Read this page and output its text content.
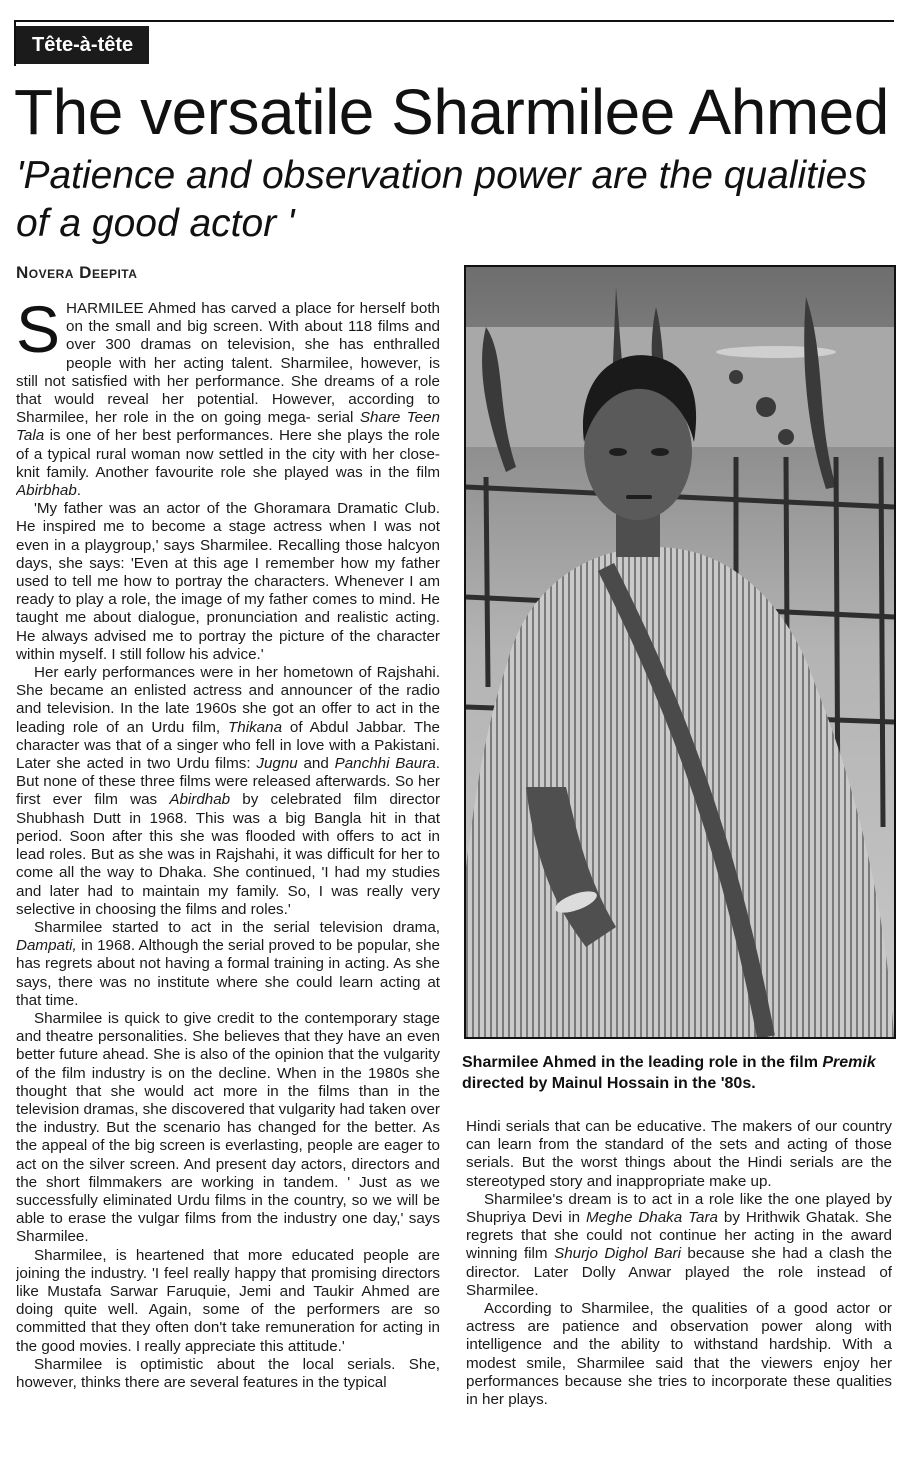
Tête-à-tête
The versatile Sharmilee Ahmed
'Patience and observation power are the qualities of a good actor '
Novera Deepita

SHARMILEE Ahmed has carved a place for herself both on the small and big screen. With about 118 films and over 300 dramas on television, she has enthralled people with her acting talent. Sharmilee, however, is still not satisfied with her performance. She dreams of a role that would reveal her potential. However, according to Sharmilee, her role in the on going mega- serial Share Teen Tala is one of her best performances. Here she plays the role of a typical rural woman now settled in the city with her close-knit family. Another favourite role she played was in the film Abirbhab.

'My father was an actor of the Ghoramara Dramatic Club. He inspired me to become a stage actress when I was not even in a playgroup,' says Sharmilee. Recalling those halcyon days, she says: 'Even at this age I remember how my father used to tell me how to portray the characters. Whenever I am ready to play a role, the image of my father comes to mind. He taught me about dialogue, pronunciation and realistic acting. He always advised me to portray the picture of the character within myself. I still follow his advice.'

Her early performances were in her hometown of Rajshahi. She became an enlisted actress and announcer of the radio and television. In the late 1960s she got an offer to act in the leading role of an Urdu film, Thikana of Abdul Jabbar. The character was that of a singer who fell in love with a Pakistani. Later she acted in two Urdu films: Jugnu and Panchhi Baura. But none of these three films were released afterwards. So her first ever film was Abirdhab by celebrated film director Shubhash Dutt in 1968. This was a big Bangla hit in that period. Soon after this she was flooded with offers to act in lead roles. But as she was in Rajshahi, it was difficult for her to come all the way to Dhaka. She continued, 'I had my studies and later had to maintain my family. So, I was really very selective in choosing the films and roles.'

Sharmilee started to act in the serial television drama, Dampati, in 1968. Although the serial proved to be popular, she has regrets about not having a formal training in acting. As she says, there was no institute where she could learn acting at that time.

Sharmilee is quick to give credit to the contemporary stage and theatre personalities. She believes that they have an even better future ahead. She is also of the opinion that the vulgarity of the film industry is on the decline. When in the 1980s she thought that she would act more in the films than in the television dramas, she discovered that vulgarity had taken over the industry. But the scenario has changed for the better. As the appeal of the big screen is everlasting, people are eager to act on the silver screen. And present day actors, directors and the short filmmakers are working in tandem. ' Just as we successfully eliminated Urdu films in the country, so we will be able to erase the vulgar films from the industry one day,' says Sharmilee.

Sharmilee, is heartened that more educated people are joining the industry. 'I feel really happy that promising directors like Mustafa Sarwar Faruquie, Jemi and Taukir Ahmed are doing quite well. Again, some of the performers are so committed that they often don't take remuneration for acting in the good movies. I really appreciate this attitude.'

Sharmilee is optimistic about the local serials. She, however, thinks there are several features in the typical

Sharmilee Ahmed in the leading role in the film Premik directed by Mainul Hossain in the '80s.

Hindi serials that can be educative. The makers of our country can learn from the standard of the sets and acting of those serials. But the worst things about the Hindi serials are the stereotyped story and inappropriate make up.

Sharmilee's dream is to act in a role like the one played by Shupriya Devi in Meghe Dhaka Tara by Hrithwik Ghatak. She regrets that she could not continue her acting in the award winning film Shurjo Dighol Bari because she had a clash the director. Later Dolly Anwar played the role instead of Sharmilee.

According to Sharmilee, the qualities of a good actor or actress are patience and observation power along with intelligence and the ability to withstand hardship. With a modest smile, Sharmilee said that the viewers enjoy her performances because she tries to incorporate these qualities in her plays.
